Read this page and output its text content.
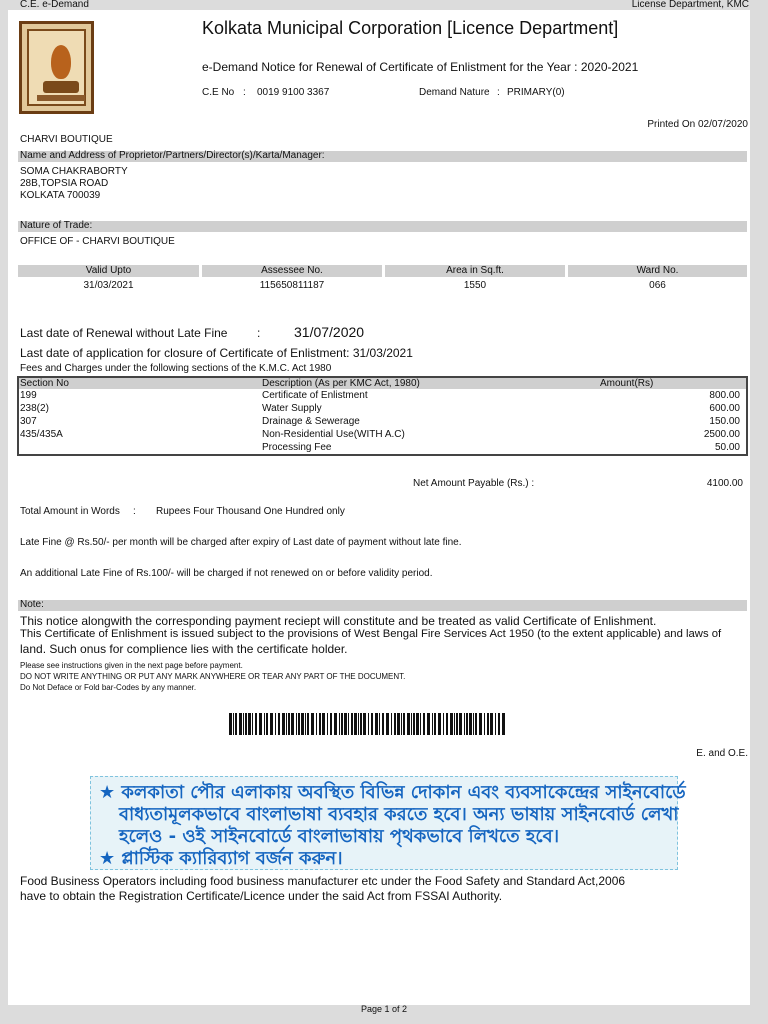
C.E. e-Demand	License Department, KMC
Kolkata Municipal Corporation [Licence Department]
e-Demand Notice for Renewal of Certificate of Enlistment for the Year : 2020-2021
C.E No : 0019 9100 3367	Demand Nature : PRIMARY(0)
Printed On 02/07/2020
CHARVI BOUTIQUE
Name and Address of Proprietor/Partners/Director(s)/Karta/Manager:
SOMA CHAKRABORTY
28B,TOPSIA ROAD
KOLKATA 700039
Nature of Trade:
OFFICE OF - CHARVI BOUTIQUE
Valid Upto	Assessee No.	Area in Sq.ft.	Ward No.
31/03/2021	115650811187	1550	066
Last date of Renewal without Late Fine : 31/07/2020
Last date of application for closure of Certificate of Enlistment: 31/03/2021
Fees and Charges under the following sections of the K.M.C. Act 1980
Section No	Description (As per KMC Act, 1980)	Amount(Rs)
199	Certificate of Enlistment	800.00
238(2)	Water Supply	600.00
307	Drainage & Sewerage	150.00
435/435A	Non-Residential Use(WITH A.C)	2500.00
	Processing Fee	50.00
Net Amount Payable (Rs.) :	4100.00
Total Amount in Words : Rupees Four Thousand One Hundred only
Late Fine @ Rs.50/- per month will be charged after expiry of Last date of payment without late fine.
An additional Late Fine of Rs.100/- will be charged if not renewed on or before validity period.
Note:
This notice alongwith the corresponding payment reciept will constitute and be treated as valid Certificate of Enlishment.
This Certificate of Enlishment is issued subject to the provisions of West Bengal Fire Services Act 1950 (to the extent applicable) and laws of
land. Such onus for complience lies with the certificate holder.
Please see instructions given in the next page before payment.
DO NOT WRITE ANYTHING OR PUT ANY MARK ANYWHERE OR TEAR ANY PART OF THE DOCUMENT.
Do Not Deface or Fold bar-Codes by any manner.
E. and O.E.
★ কলকাতা পৌর এলাকায় অবস্থিত বিভিন্ন দোকান এবং ব্যবসাকেন্দ্রের সাইনবোর্ডে
বাধ্যতামূলকভাবে বাংলাভাষা ব্যবহার করতে হবে। অন্য ভাষায় সাইনবোর্ড লেখা
হলেও - ওই সাইনবোর্ডে বাংলাভাষায় পৃথকভাবে লিখতে হবে।
★ প্লাস্টিক ক্যারিব্যাগ বর্জন করুন।
Food Business Operators including food business manufacturer etc under the Food Safety and Standard Act,2006
have to obtain the Registration Certificate/Licence under the said Act from FSSAI Authority.
Page 1 of 2
